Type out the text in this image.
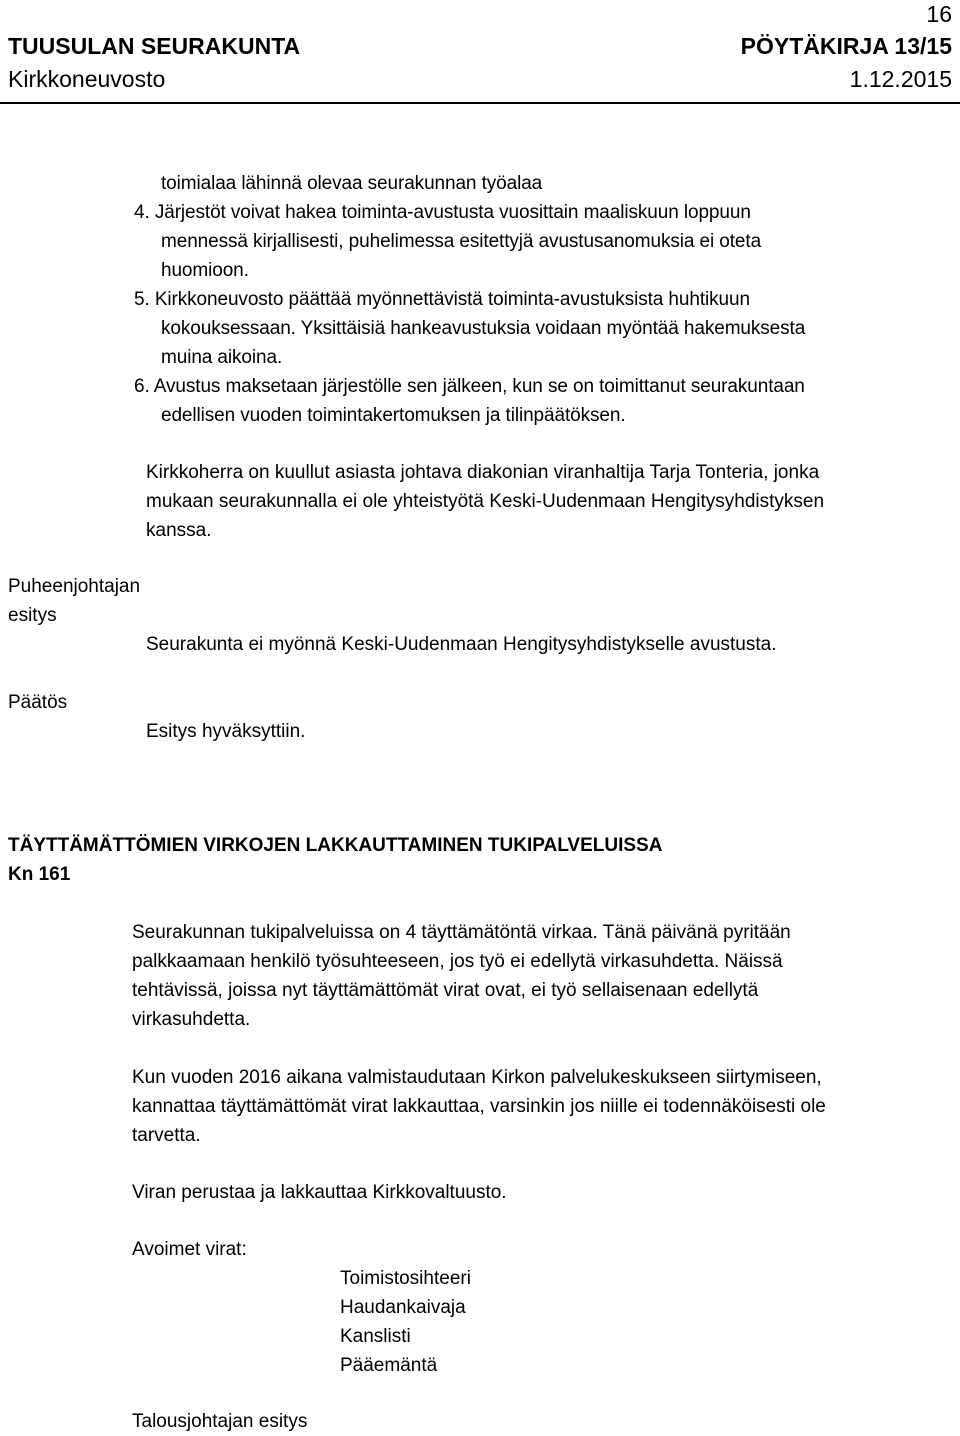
16
TUUSULAN SEURAKUNTA	PÖYTÄKIRJA 13/15
Kirkkoneuvosto	1.12.2015
toimialaa lähinnä olevaa seurakunnan työalaa
4. Järjestöt voivat hakea toiminta-avustusta vuosittain maaliskuun loppuun
mennessä kirjallisesti, puhelimessa esitettyjä avustusanomuksia ei oteta
huomioon.
5. Kirkkoneuvosto päättää myönnettävistä toiminta-avustuksista huhtikuun
kokouksessaan. Yksittäisiä hankeavustuksia voidaan myöntää hakemuksesta
muina aikoina.
6. Avustus maksetaan järjestölle sen jälkeen, kun se on toimittanut seurakuntaan
edellisen vuoden toimintakertomuksen ja tilinpäätöksen.
Kirkkoherra on kuullut asiasta johtava diakonian viranhaltija Tarja Tonteria, jonka
mukaan seurakunnalla ei ole yhteistyötä Keski-Uudenmaan Hengitysyhdistyksen
kanssa.
Puheenjohtajan
esitys
Seurakunta ei myönnä Keski-Uudenmaan Hengitysyhdistykselle avustusta.
Päätös
Esitys hyväksyttiin.
TÄYTTÄMÄTTÖMIEN VIRKOJEN LAKKAUTTAMINEN TUKIPALVELUISSA
Kn 161
Seurakunnan tukipalveluissa on 4 täyttämätöntä virkaa. Tänä päivänä pyritään
palkkaamaan henkilö työsuhteeseen, jos työ ei edellytä virkasuhdetta. Näissä
tehtävissä, joissa nyt täyttämättömät virat ovat, ei työ sellaisenaan edellytä
virkasuhdetta.
Kun vuoden 2016 aikana valmistaudutaan Kirkon palvelukeskukseen siirtymiseen,
kannattaa täyttämättömät virat lakkauttaa, varsinkin jos niille ei todennäköisesti ole
tarvetta.
Viran perustaa ja lakkauttaa Kirkkovaltuusto.
Avoimet virat:
Toimistosihteeri
Haudankaivaja
Kanslisti
Pääemäntä
Talousjohtajan esitys
